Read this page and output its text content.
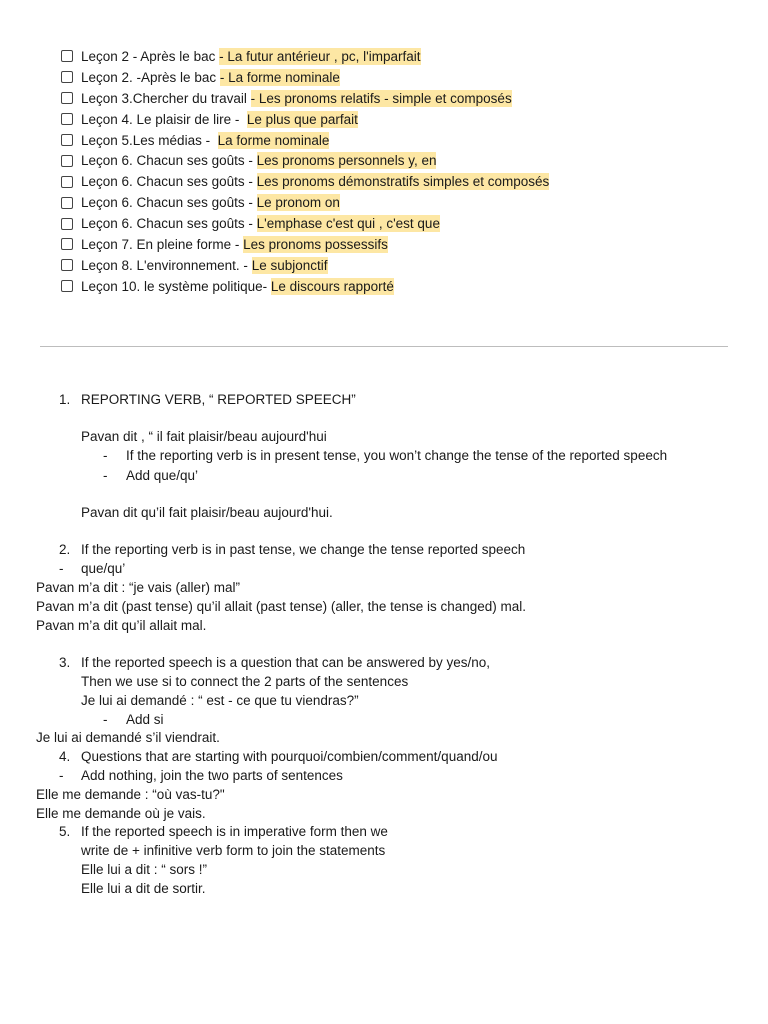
Leçon 2 - Après le bac - La futur antérieur , pc, l'imparfait
Leçon 2. -Après le bac - La forme nominale
Leçon 3.Chercher du travail - Les pronoms relatifs - simple et composés
Leçon 4. Le plaisir de lire - Le plus que parfait
Leçon 5.Les médias - La forme nominale
Leçon 6. Chacun ses goûts - Les pronoms personnels y, en
Leçon 6. Chacun ses goûts - Les pronoms démonstratifs simples et composés
Leçon 6. Chacun ses goûts - Le pronom on
Leçon 6. Chacun ses goûts - L'emphase c'est qui , c'est que
Leçon 7. En pleine forme - Les pronoms possessifs
Leçon 8. L'environnement. - Le subjonctif
Leçon 10. le système politique- Le discours rapporté
1. REPORTING VERB, “ REPORTED SPEECH”
Pavan dit , “ il fait plaisir/beau aujourd'hui
- If the reporting verb is in present tense, you won’t change the tense of the reported speech
- Add que/qu’
Pavan dit qu’il fait plaisir/beau aujourd'hui.
2. If the reporting verb is in past tense, we change the tense reported speech
- que/qu’
Pavan m’a dit : “je vais (aller) mal”
Pavan m’a dit (past tense) qu’il allait (past tense) (aller, the tense is changed) mal.
Pavan m’a dit qu’il allait mal.
3. If the reported speech is a question that can be answered by yes/no,
Then we use si to connect the 2 parts of the sentences
Je lui ai demandé : “ est - ce que tu viendras?”
- Add si
Je lui ai demandé s’il viendrait.
4. Questions that are starting with pourquoi/combien/comment/quand/ou
- Add nothing, join the two parts of sentences
Elle me demande : “où vas-tu?"
Elle me demande où je vais.
5. If the reported speech is in imperative form then we
write de + infinitive verb form to join the statements
Elle lui a dit : “ sors !”
Elle lui a dit de sortir.
